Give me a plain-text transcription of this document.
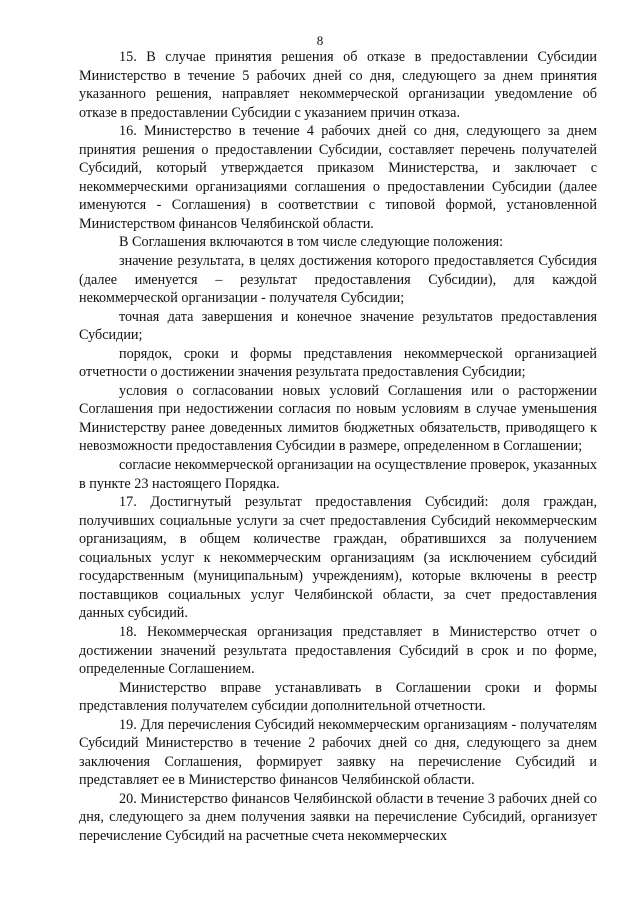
8

15. В случае принятия решения об отказе в предоставлении Субсидии Министерство в течение 5 рабочих дней со дня, следующего за днем принятия указанного решения, направляет некоммерческой организации уведомление об отказе в предоставлении Субсидии с указанием причин отказа.

16. Министерство в течение 4 рабочих дней со дня, следующего за днем принятия решения о предоставлении Субсидии, составляет перечень получателей Субсидий, который утверждается приказом Министерства, и заключает с некоммерческими организациями соглашения о предоставлении Субсидии (далее именуются - Соглашения) в соответствии с типовой формой, установленной Министерством финансов Челябинской области.

В Соглашения включаются в том числе следующие положения:

значение результата, в целях достижения которого предоставляется Субсидия (далее именуется – результат предоставления Субсидии), для каждой некоммерческой организации - получателя Субсидии;

точная дата завершения и конечное значение результатов предоставления Субсидии;

порядок, сроки и формы представления некоммерческой организацией отчетности о достижении значения результата предоставления Субсидии;

условия о согласовании новых условий Соглашения или о расторжении Соглашения при недостижении согласия по новым условиям в случае уменьшения Министерству ранее доведенных лимитов бюджетных обязательств, приводящего к невозможности предоставления Субсидии в размере, определенном в Соглашении;

согласие некоммерческой организации на осуществление проверок, указанных в пункте 23 настоящего Порядка.

17. Достигнутый результат предоставления Субсидий: доля граждан, получивших социальные услуги за счет предоставления Субсидий некоммерческим организациям, в общем количестве граждан, обратившихся за получением социальных услуг к некоммерческим организациям (за исключением субсидий государственным (муниципальным) учреждениям), которые включены в реестр поставщиков социальных услуг Челябинской области, за счет предоставления данных субсидий.

18. Некоммерческая организация представляет в Министерство отчет о достижении значений результата предоставления Субсидий в срок и по форме, определенные Соглашением.

Министерство вправе устанавливать в Соглашении сроки и формы представления получателем субсидии дополнительной отчетности.

19. Для перечисления Субсидий некоммерческим организациям - получателям Субсидий Министерство в течение 2 рабочих дней со дня, следующего за днем заключения Соглашения, формирует заявку на перечисление Субсидий и представляет ее в Министерство финансов Челябинской области.

20. Министерство финансов Челябинской области в течение 3 рабочих дней со дня, следующего за днем получения заявки на перечисление Субсидий, организует перечисление Субсидий на расчетные счета некоммерческих
